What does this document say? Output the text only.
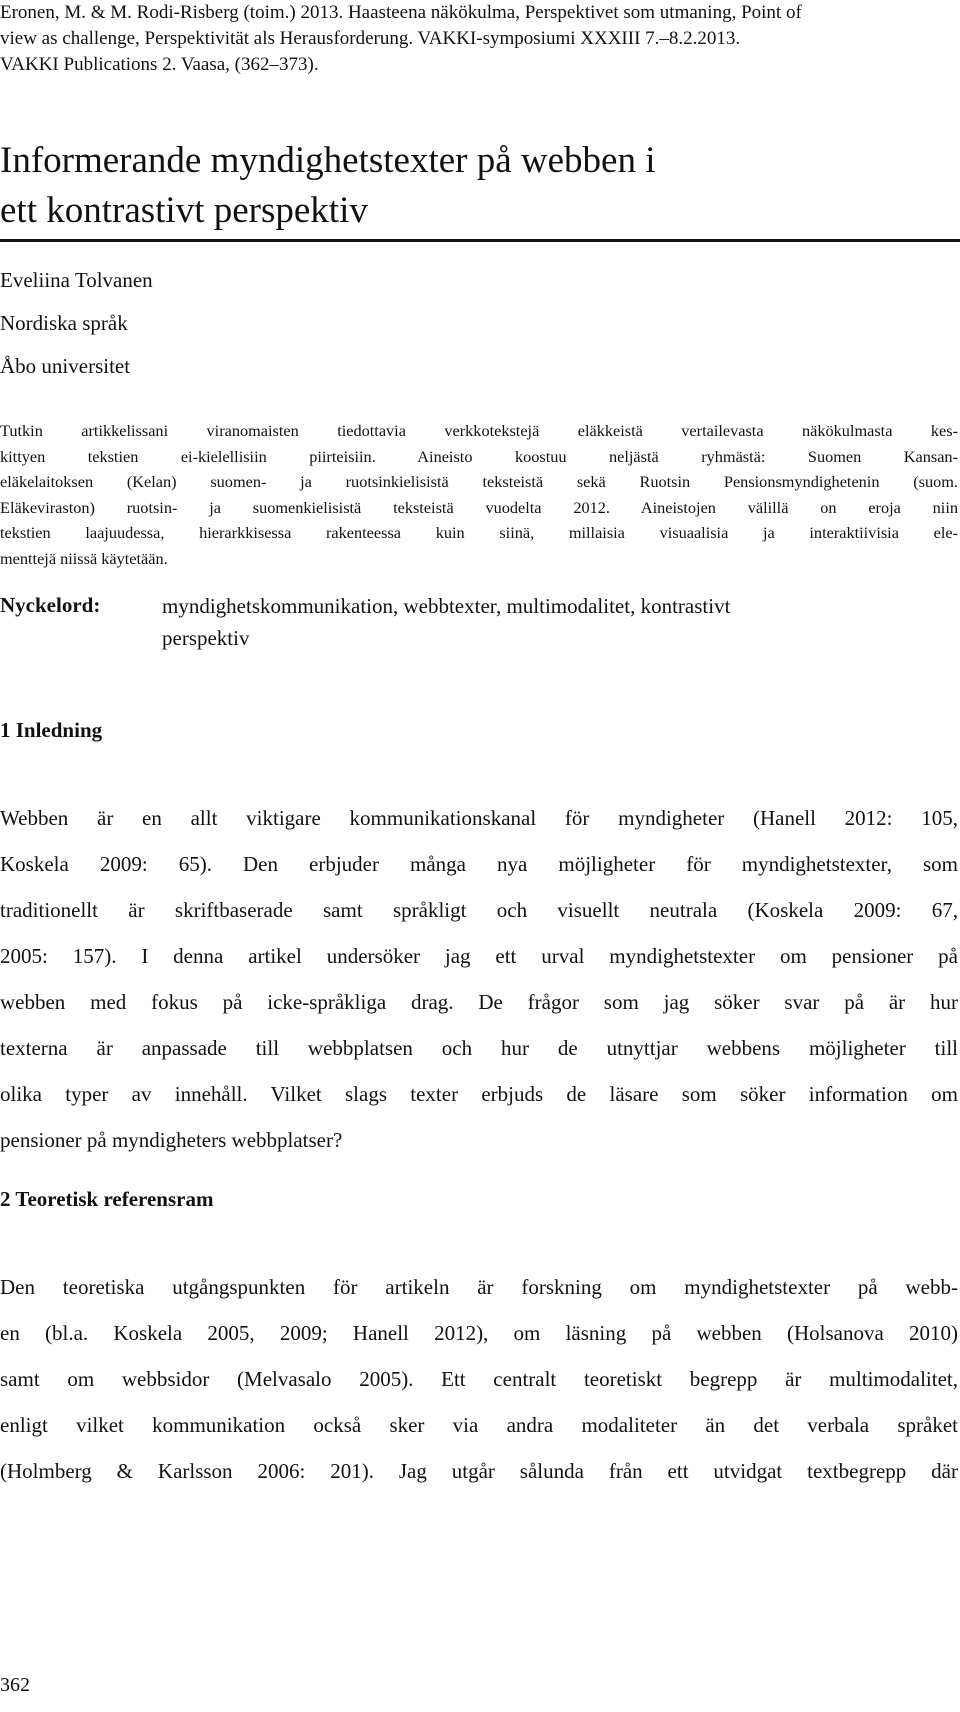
Eronen, M. & M. Rodi-Risberg (toim.) 2013. Haasteena näkökulma, Perspektivet som utmaning, Point of
view as challenge, Perspektivität als Herausforderung. VAKKI-symposiumi XXXIII 7.–8.2.2013.
VAKKI Publications 2. Vaasa, (362–373).
Informerande myndighetstexter på webben i
ett kontrastivt perspektiv
Eveliina Tolvanen
Nordiska språk
Åbo universitet
Tutkin artikkelissani viranomaisten tiedottavia verkkotekstejä eläkkeistä vertailevasta näkökulmasta kes-
kittyen tekstien ei-kielellisiin piirteisiin. Aineisto koostuu neljästä ryhmästä: Suomen Kansan-
eläkelaitoksen (Kelan) suomen- ja ruotsinkielisistä teksteistä sekä Ruotsin Pensionsmyndighetenin (suom.
Eläkeviraston) ruotsin- ja suomenkielisistä teksteistä vuodelta 2012. Aineistojen välillä on eroja niin
tekstien laajuudessa, hierarkkisessa rakenteessa kuin siinä, millaisia visuaalisia ja interaktiivisia ele-
menttejä niissä käytetään.
Nyckelord:	myndighetskommunikation, webbtexter, multimodalitet, kontrastivt
perspektiv
1 Inledning
Webben är en allt viktigare kommunikationskanal för myndigheter (Hanell 2012: 105,
Koskela 2009: 65). Den erbjuder många nya möjligheter för myndighetstexter, som
traditionellt är skriftbaserade samt språkligt och visuellt neutrala (Koskela 2009: 67,
2005: 157). I denna artikel undersöker jag ett urval myndighetstexter om pensioner på
webben med fokus på icke-språkliga drag. De frågor som jag söker svar på är hur
texterna är anpassade till webbplatsen och hur de utnyttjar webbens möjligheter till
olika typer av innehåll. Vilket slags texter erbjuds de läsare som söker information om
pensioner på myndigheters webbplatser?
2 Teoretisk referensram
Den teoretiska utgångspunkten för artikeln är forskning om myndighetstexter på webb-
en (bl.a. Koskela 2005, 2009; Hanell 2012), om läsning på webben (Holsanova 2010)
samt om webbsidor (Melvasalo 2005). Ett centralt teoretiskt begrepp är multimodalitet,
enligt vilket kommunikation också sker via andra modaliteter än det verbala språket
(Holmberg & Karlsson 2006: 201). Jag utgår sålunda från ett utvidgat textbegrepp där
362
